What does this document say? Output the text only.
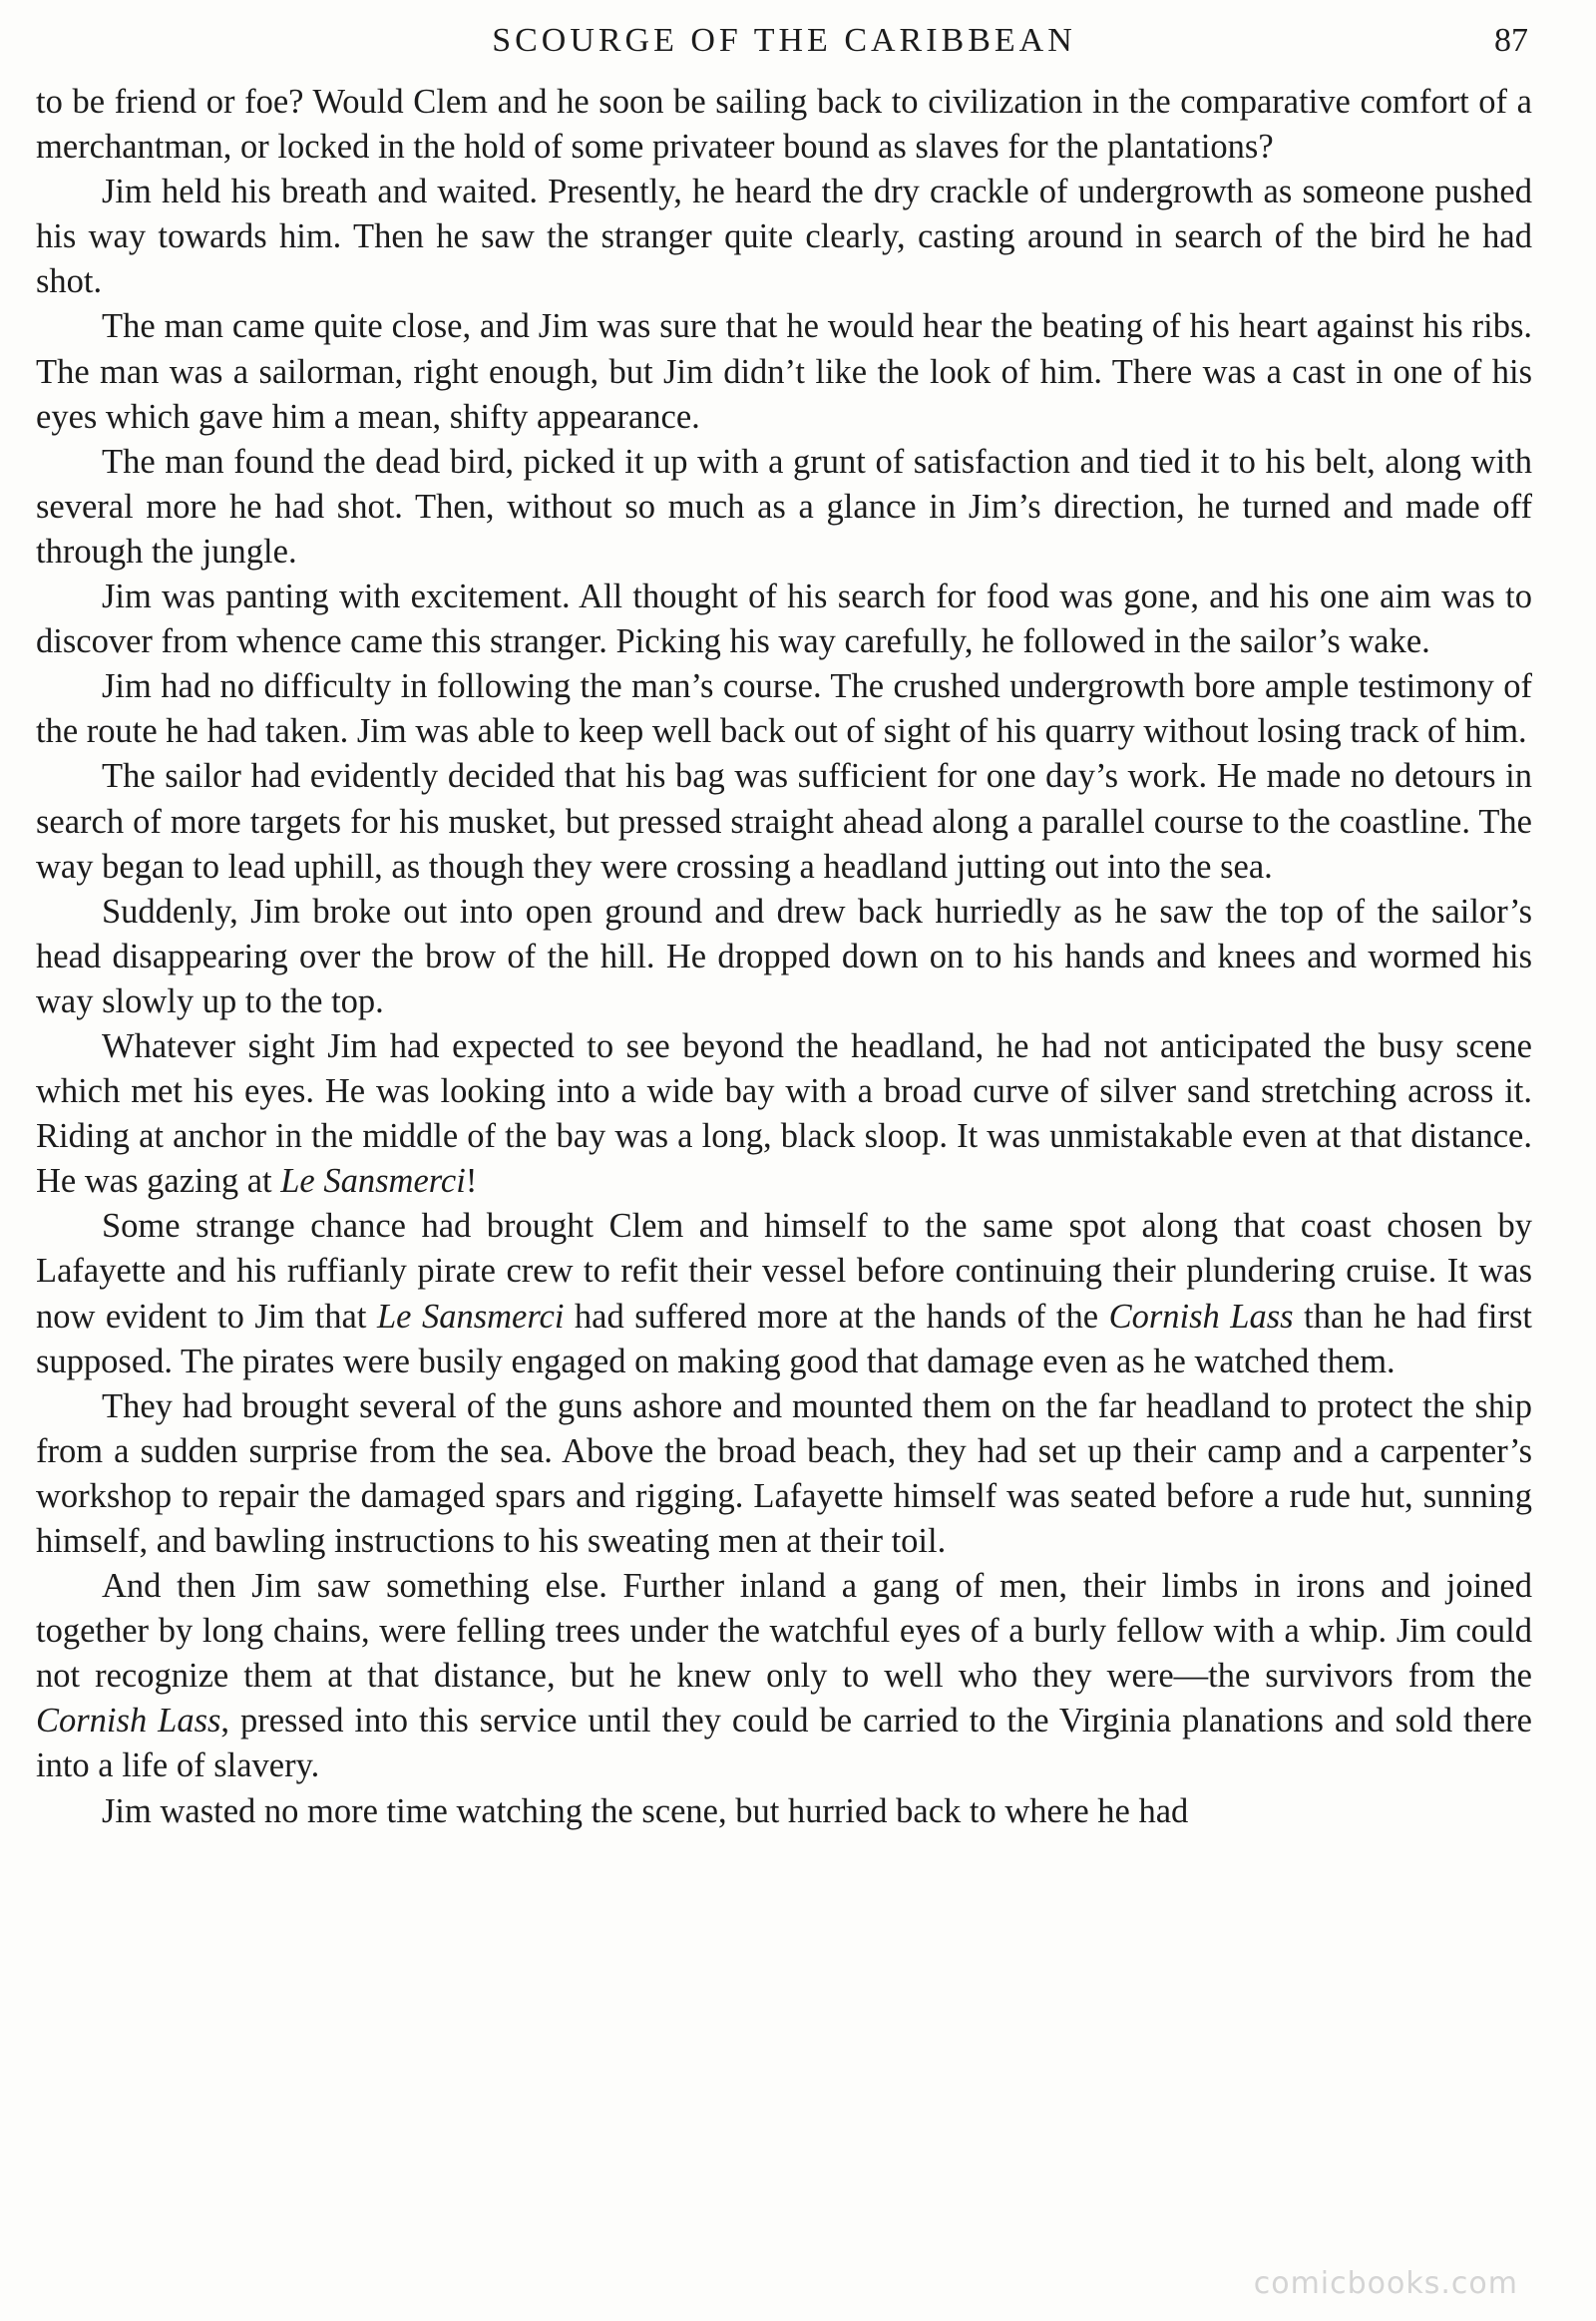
SCOURGE OF THE CARIBBEAN	87

to be friend or foe? Would Clem and he soon be sailing back to civilization in the comparative comfort of a merchantman, or locked in the hold of some privateer bound as slaves for the plantations?

Jim held his breath and waited. Presently, he heard the dry crackle of undergrowth as someone pushed his way towards him. Then he saw the stranger quite clearly, casting around in search of the bird he had shot.

The man came quite close, and Jim was sure that he would hear the beating of his heart against his ribs. The man was a sailorman, right enough, but Jim didn’t like the look of him. There was a cast in one of his eyes which gave him a mean, shifty appearance.

The man found the dead bird, picked it up with a grunt of satisfaction and tied it to his belt, along with several more he had shot. Then, without so much as a glance in Jim’s direction, he turned and made off through the jungle.

Jim was panting with excitement. All thought of his search for food was gone, and his one aim was to discover from whence came this stranger. Picking his way carefully, he followed in the sailor’s wake.

Jim had no difficulty in following the man’s course. The crushed undergrowth bore ample testimony of the route he had taken. Jim was able to keep well back out of sight of his quarry without losing track of him.

The sailor had evidently decided that his bag was sufficient for one day’s work. He made no detours in search of more targets for his musket, but pressed straight ahead along a parallel course to the coastline. The way began to lead uphill, as though they were crossing a headland jutting out into the sea.

Suddenly, Jim broke out into open ground and drew back hurriedly as he saw the top of the sailor’s head disappearing over the brow of the hill. He dropped down on to his hands and knees and wormed his way slowly up to the top.

Whatever sight Jim had expected to see beyond the headland, he had not anticipated the busy scene which met his eyes. He was looking into a wide bay with a broad curve of silver sand stretching across it. Riding at anchor in the middle of the bay was a long, black sloop. It was unmistakable even at that distance. He was gazing at Le Sansmerci!

Some strange chance had brought Clem and himself to the same spot along that coast chosen by Lafayette and his ruffianly pirate crew to refit their vessel before continuing their plundering cruise. It was now evident to Jim that Le Sansmerci had suffered more at the hands of the Cornish Lass than he had first supposed. The pirates were busily engaged on making good that damage even as he watched them.

They had brought several of the guns ashore and mounted them on the far headland to protect the ship from a sudden surprise from the sea. Above the broad beach, they had set up their camp and a carpenter’s workshop to repair the damaged spars and rigging. Lafayette himself was seated before a rude hut, sunning himself, and bawling instructions to his sweating men at their toil.

And then Jim saw something else. Further inland a gang of men, their limbs in irons and joined together by long chains, were felling trees under the watchful eyes of a burly fellow with a whip. Jim could not recognize them at that distance, but he knew only to well who they were—the survivors from the Cornish Lass, pressed into this service until they could be carried to the Virginia planations and sold there into a life of slavery.

Jim wasted no more time watching the scene, but hurried back to where he had

comicbooks.com
